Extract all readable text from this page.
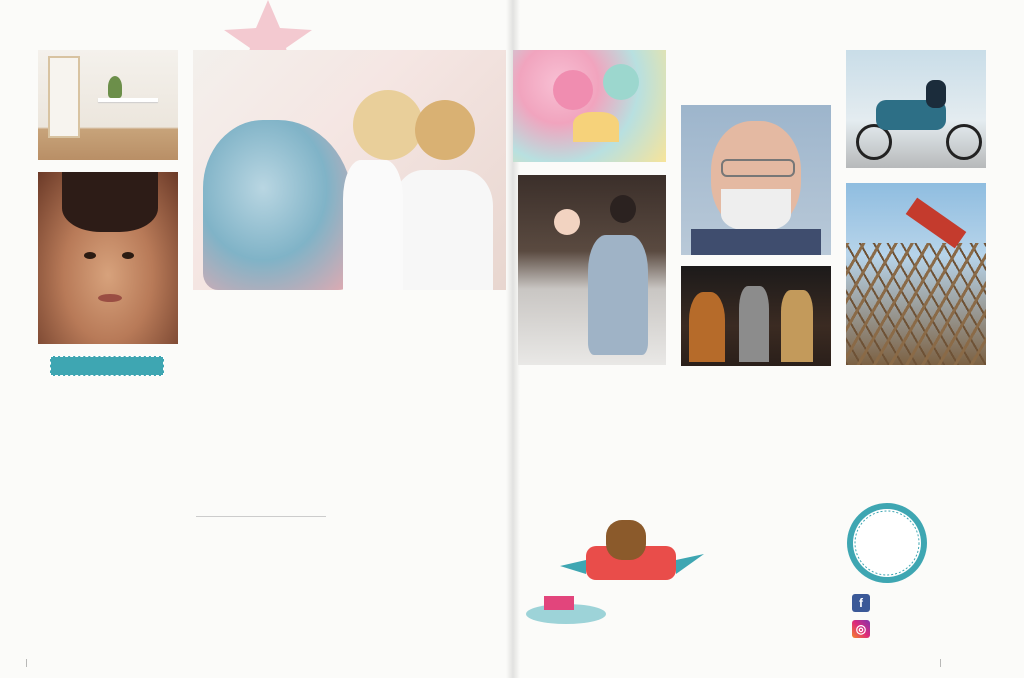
f
◎
|	|
